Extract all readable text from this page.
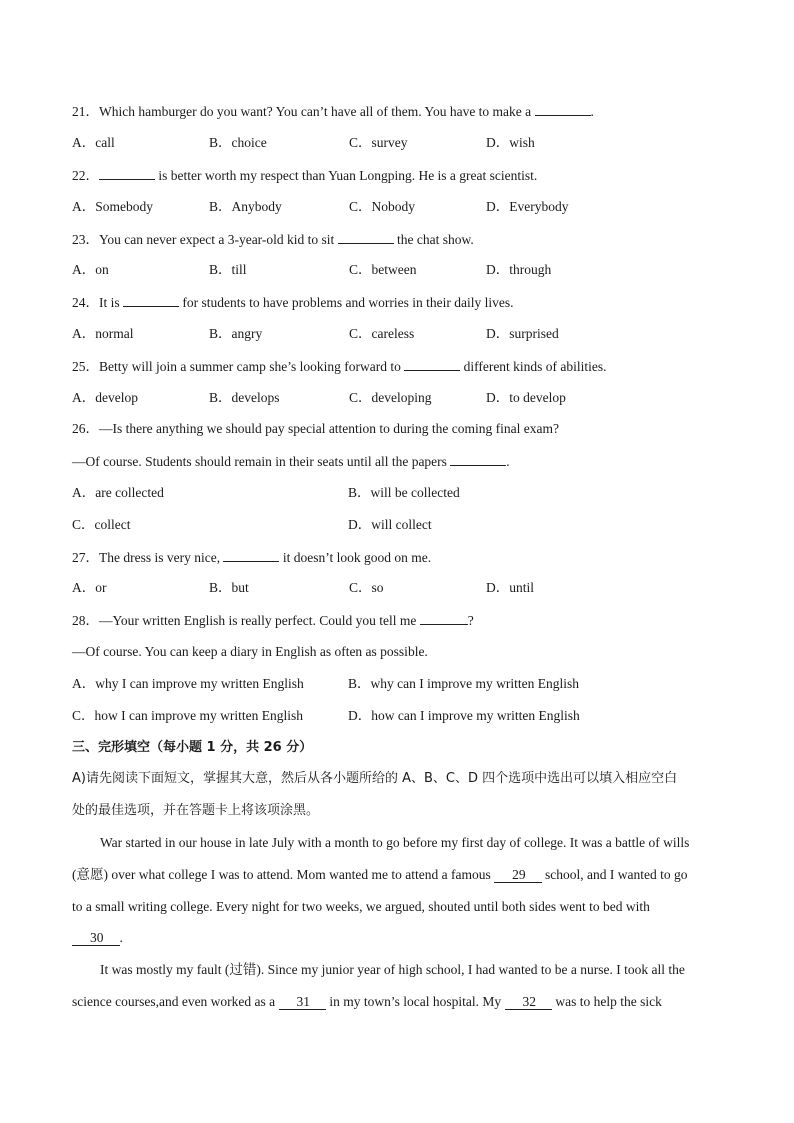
21．Which hamburger do you want? You can’t have all of them. You have to make a	.
A．call	B．choice	C．survey	D．wish
22．	is better worth my respect than Yuan Longping. He is a great scientist.
A．Somebody	B．Anybody	C．Nobody	D．Everybody
23．You can never expect a 3-year-old kid to sit	the chat show.
A．on	B．till	C．between	D．through
24．It is	for students to have problems and worries in their daily lives.
A．normal	B．angry	C．careless	D．surprised
25．Betty will join a summer camp she’s looking forward to	different kinds of abilities.
A．develop	B．develops	C．developing	D．to develop
26．—Is there anything we should pay special attention to during the coming final exam?
—Of course. Students should remain in their seats until all the papers	.
A．are collected	B．will be collected
C．collect	D．will collect
27．The dress is very nice,	it doesn’t look good on me.
A．or	B．but	C．so	D．until
28．—Your written English is really perfect. Could you tell me	?
—Of course. You can keep a diary in English as often as possible.
A．why I can improve my written English	B．why can I improve my written English
C．how I can improve my written English	D．how can I improve my written English
三、完形填空（每小题 1 分，共 26 分）
A)请先阅读下面短文，掌握其大意，然后从各小题所给的 A、B、C、D 四个选项中选出可以填入相应空白
处的最佳选项，并在答题卡上将该项涂黑。
War started in our house in late July with a month to go before my first day of college. It was a battle of wills
(意愿) over what college I was to attend. Mom wanted me to attend a famous 29 school, and I wanted to go
to a small writing college. Every night for two weeks, we argued, shouted until both sides went to bed with
30 .
It was mostly my fault (过错). Since my junior year of high school, I had wanted to be a nurse. I took all the
science courses,and even worked as a 31 in my town’s local hospital. My 32 was to help the sick
